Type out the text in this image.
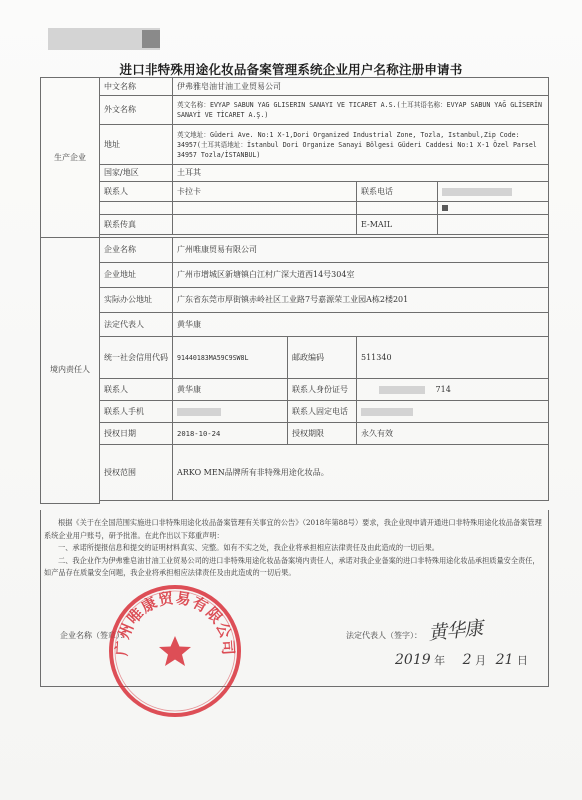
进口非特殊用途化妆品备案管理系统企业用户名称注册申请书
生产企业	中文名称	伊弗雅皂油甘油工业贸易公司			
	外文名称	英文名称：EVYAP SABUN YAG GLISERIN SANAYI VE TICARET A.S.(土耳其语名称：EVYAP SABUN YAĞ GLİSERİN SANAYİ VE TİCARET A.Ş.)			
	地址	英文地址：Güderi Ave. No:1 X-1,Dori Organized Industrial Zone, Tozla, Istanbul,Zip Code: 34957(土耳其语地址：İstanbul Dori Organize Sanayi Bölgesi Güderi Caddesi No:1 X-1 Özel Parsel 34957 Tozla/İSTANBUL)			
	国家/地区	土耳其			
	联系人	卡拉卡		联系电话	

	联系传真			E-MAIL	

境内责任人	企业名称	广州唯康贸易有限公司			
	企业地址	广州市增城区新塘镇白江村广深大道西14号304室			
	实际办公地址	广东省东莞市厚街镇赤岭社区工业路7号嘉源荣工业园A栋2楼201			
	法定代表人	黄华康			
	统一社会信用代码	91440183MA59C9SW8L	邮政编码	511340	
	联系人	黄华康	联系人身份证号	714	
	联系人手机		联系人固定电话		
	授权日期	2018-10-24	授权期限	永久有效	
	授权范围	ARKO MEN品牌所有非特殊用途化妆品。			

根据《关于在全国范围实施进口非特殊用途化妆品备案管理有关事宜的公告》（2018年第88号）要求，我企业现申请开通进口非特殊用途化妆品备案管理系统企业用户账号，研予批准。在此作出以下郑重声明：

一、承诺所提报信息和提交的证明材料真实、完整。如有不实之处，我企业将承担相应法律责任及由此造成的一切后果。

二、我企业作为伊弗雅皂油甘油工业贸易公司的进口非特殊用途化妆品备案境内责任人，承诺对我企业备案的进口非特殊用途化妆品承担质量安全责任，如产品存在质量安全问题，我企业将承担相应法律责任及由此造成的一切后果。

企业名称（签章）：	法定代表人（签字）： 黄华康
2019 年 2 月 21 日
广州唯康贸易有限公司
